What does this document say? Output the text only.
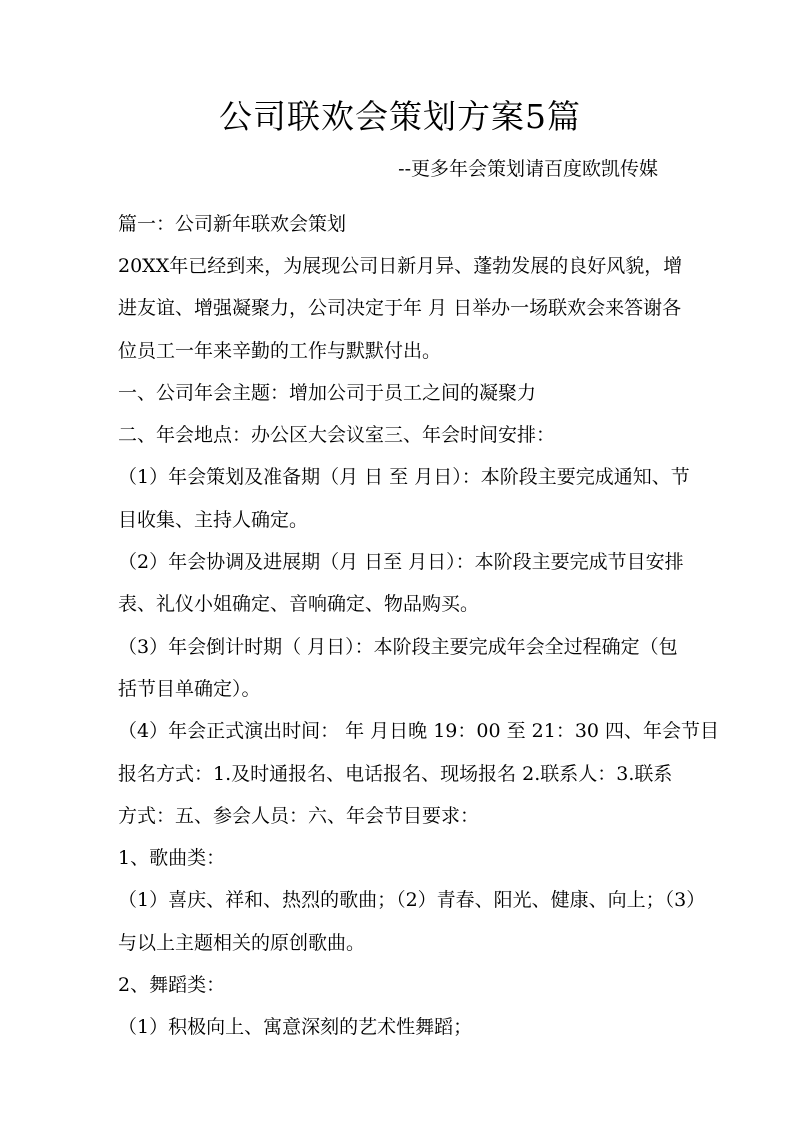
公司联欢会策划方案5篇
--更多年会策划请百度欧凯传媒
篇一：公司新年联欢会策划
20XX年已经到来，为展现公司日新月异、蓬勃发展的良好风貌，增
进友谊、增强凝聚力，公司决定于年 月 日举办一场联欢会来答谢各
位员工一年来辛勤的工作与默默付出。
一、公司年会主题：增加公司于员工之间的凝聚力
二、年会地点：办公区大会议室三、年会时间安排：
（1）年会策划及准备期（月 日 至 月日）：本阶段主要完成通知、节
目收集、主持人确定。
（2）年会协调及进展期（月 日至 月日）：本阶段主要完成节目安排
表、礼仪小姐确定、音响确定、物品购买。
（3）年会倒计时期（ 月日）：本阶段主要完成年会全过程确定（包
括节目单确定）。
（4）年会正式演出时间： 年 月日晚 19：00 至 21：30 四、年会节目
报名方式：1.及时通报名、电话报名、现场报名 2.联系人：3.联系
方式：五、参会人员：六、年会节目要求：
1、歌曲类：
（1）喜庆、祥和、热烈的歌曲；（2）青春、阳光、健康、向上；（3）
与以上主题相关的原创歌曲。
2、舞蹈类：
（1）积极向上、寓意深刻的艺术性舞蹈；
